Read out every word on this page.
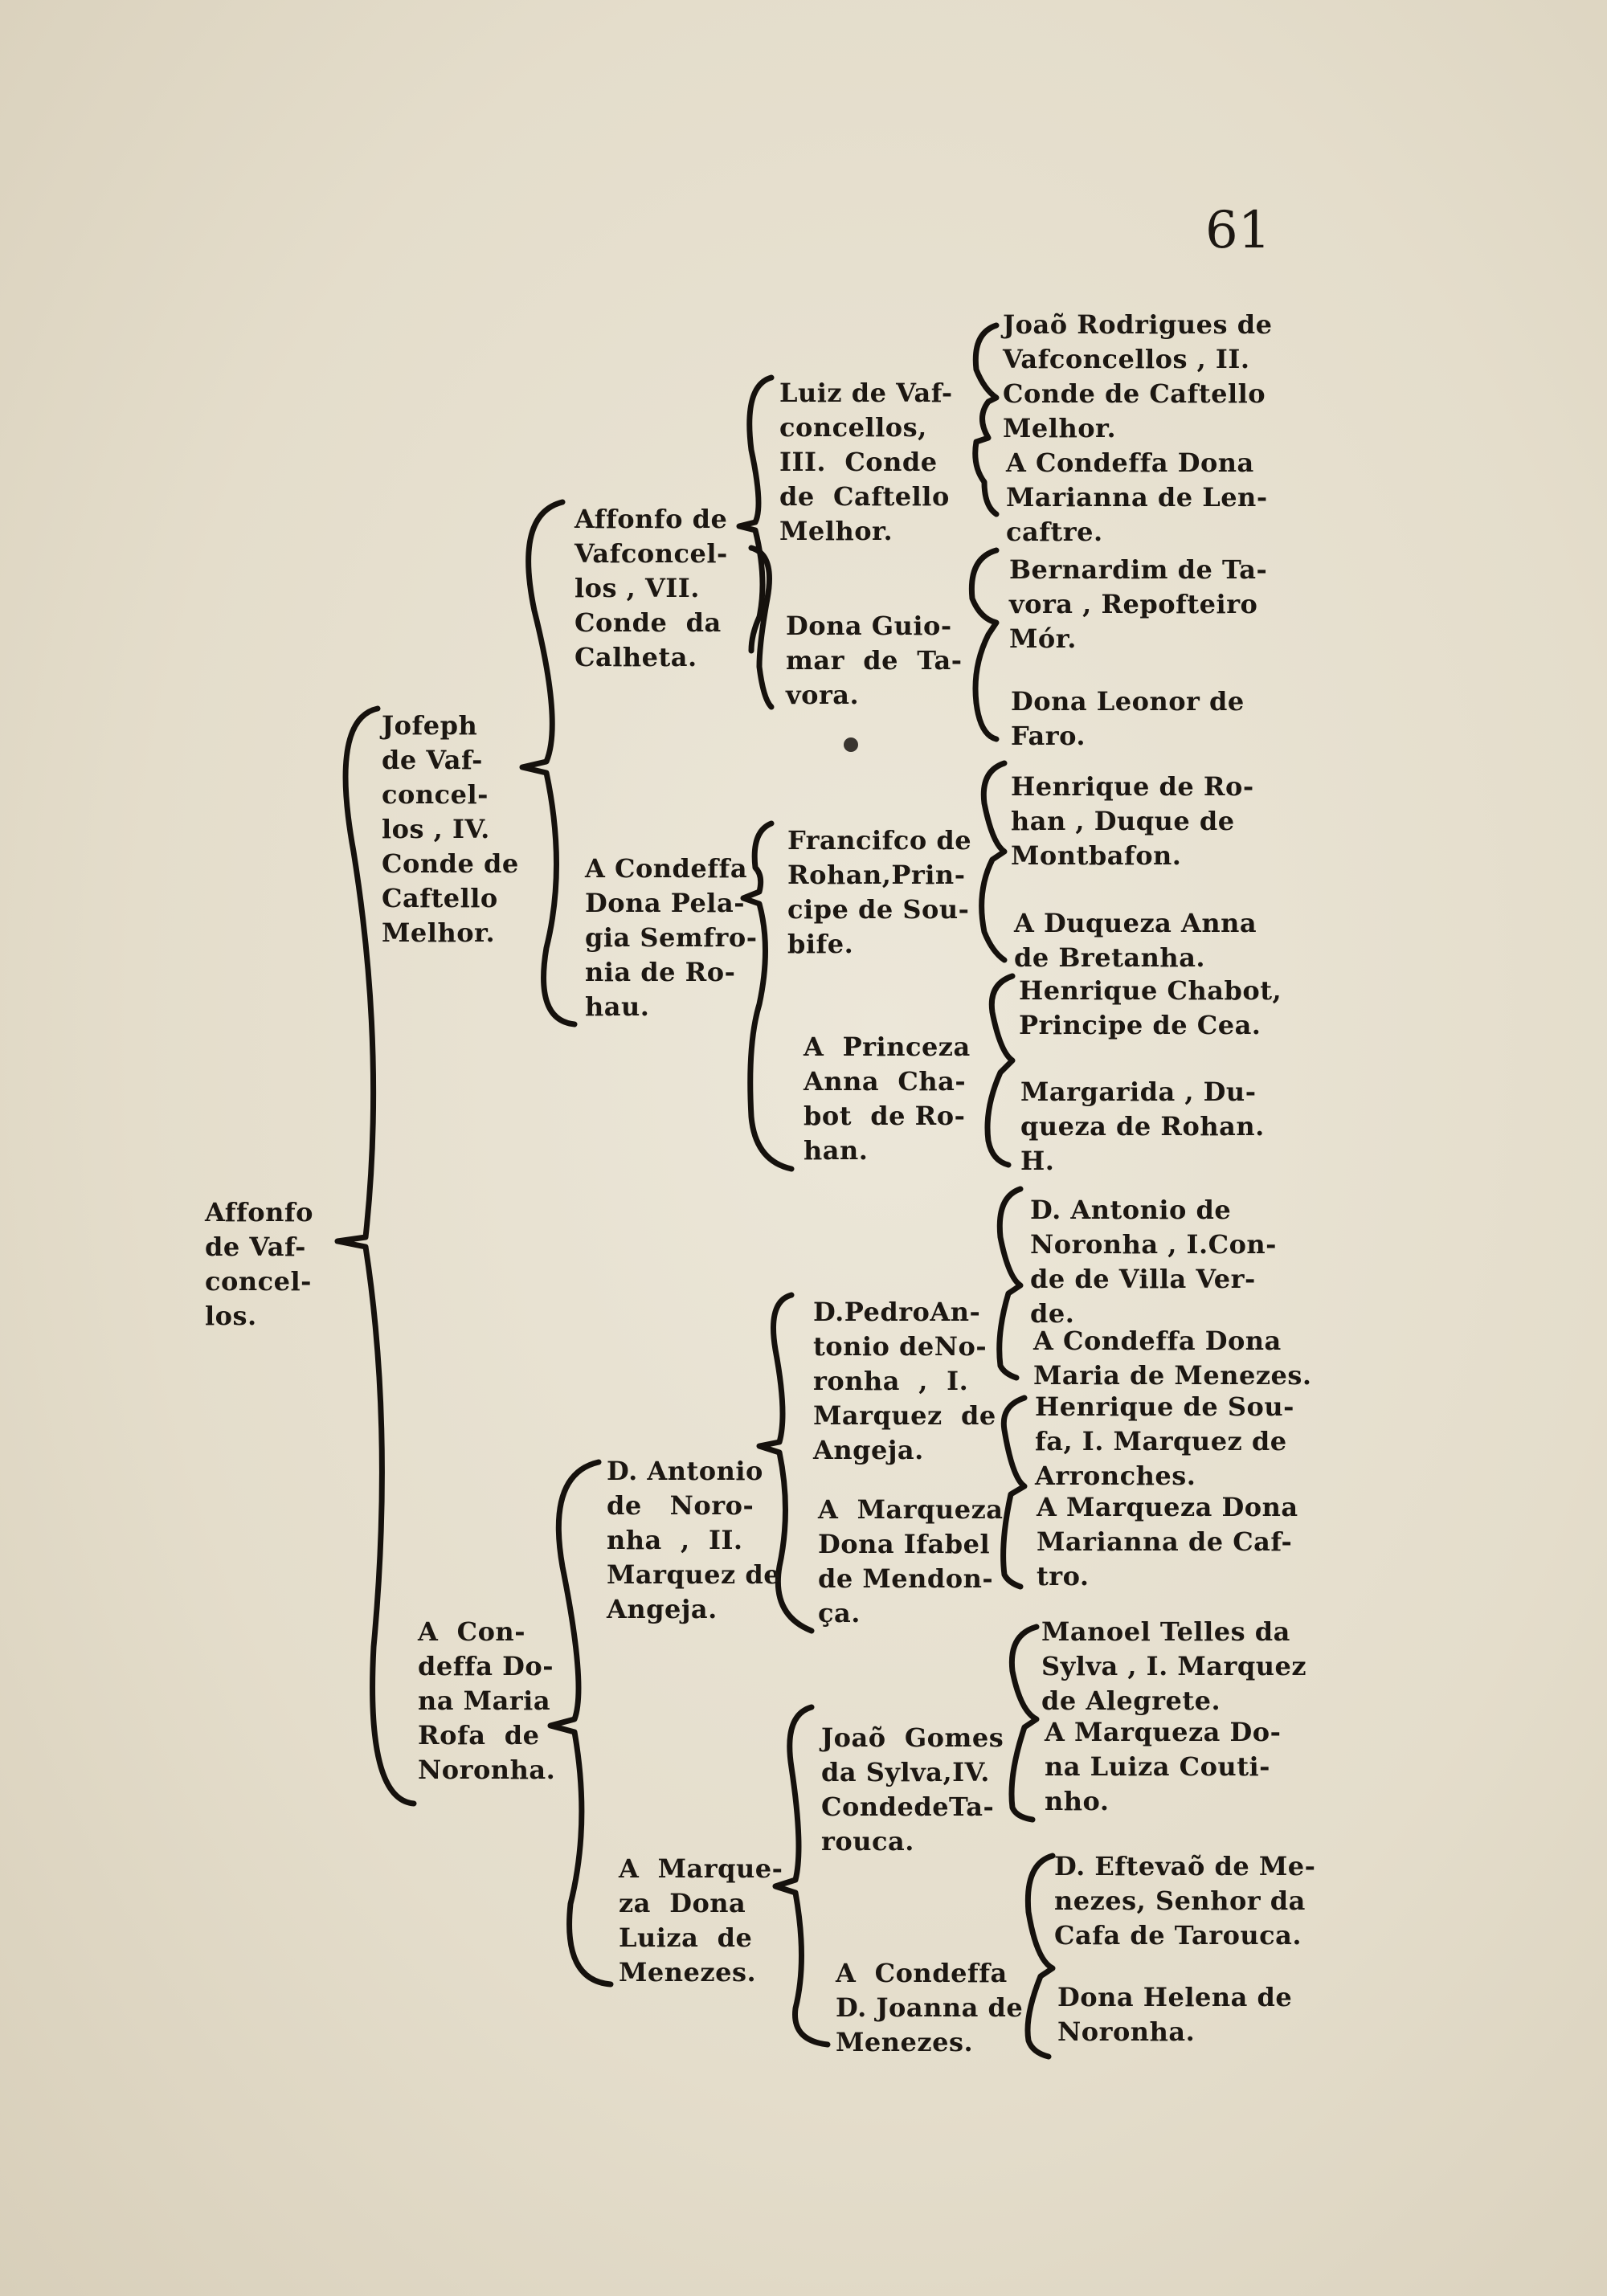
61
Affonfo
de Vaf-
concel-
los.
Jofeph
de Vaf-
concel-
los , IV.
Conde de
Caftello
Melhor.
A  Con-
deffa Do-
na Maria
Rofa  de
Noronha.
Affonfo de
Vafconcel-
los , VII.
Conde  da
Calheta.
A Condeffa
Dona Pela-
gia Semfro-
nia de Ro-
hau.
D. Antonio
de   Noro-
nha  ,  II.
Marquez de
Angeja.
A  Marque-
za  Dona
Luiza  de
Menezes.
Luiz de Vaf-
concellos,
III.  Conde
de  Caftello
Melhor.
Dona Guio-
mar  de  Ta-
vora.
Francifco de
Rohan,Prin-
cipe de Sou-
bife.
A  Princeza
Anna  Cha-
bot  de Ro-
han.
D.PedroAn-
tonio deNo-
ronha  ,  I.
Marquez  de
Angeja.
A  Marqueza
Dona Ifabel
de Mendon-
ça.
Joaõ  Gomes
da Sylva,IV.
CondedeTa-
rouca.
A  Condeffa
D. Joanna de
Menezes.
Joaõ Rodrigues de
Vafconcellos , II.
Conde de Caftello
Melhor.
A Condeffa Dona
Marianna de Len-
caftre.
Bernardim de Ta-
vora , Repofteiro
Mór.
Dona Leonor de
Faro.
Henrique de Ro-
han , Duque de
Montbafon.
A Duqueza Anna
de Bretanha.
Henrique Chabot,
Principe de Cea.
Margarida , Du-
queza de Rohan.
H.
D. Antonio de
Noronha , I.Con-
de de Villa Ver-
de.
A Condeffa Dona
Maria de Menezes.
Henrique de Sou-
fa, I. Marquez de
Arronches.
A Marqueza Dona
Marianna de Caf-
tro.
Manoel Telles da
Sylva , I. Marquez
de Alegrete.
A Marqueza Do-
na Luiza Couti-
nho.
D. Eftevaõ de Me-
nezes, Senhor da
Cafa de Tarouca.
Dona Helena de
Noronha.
